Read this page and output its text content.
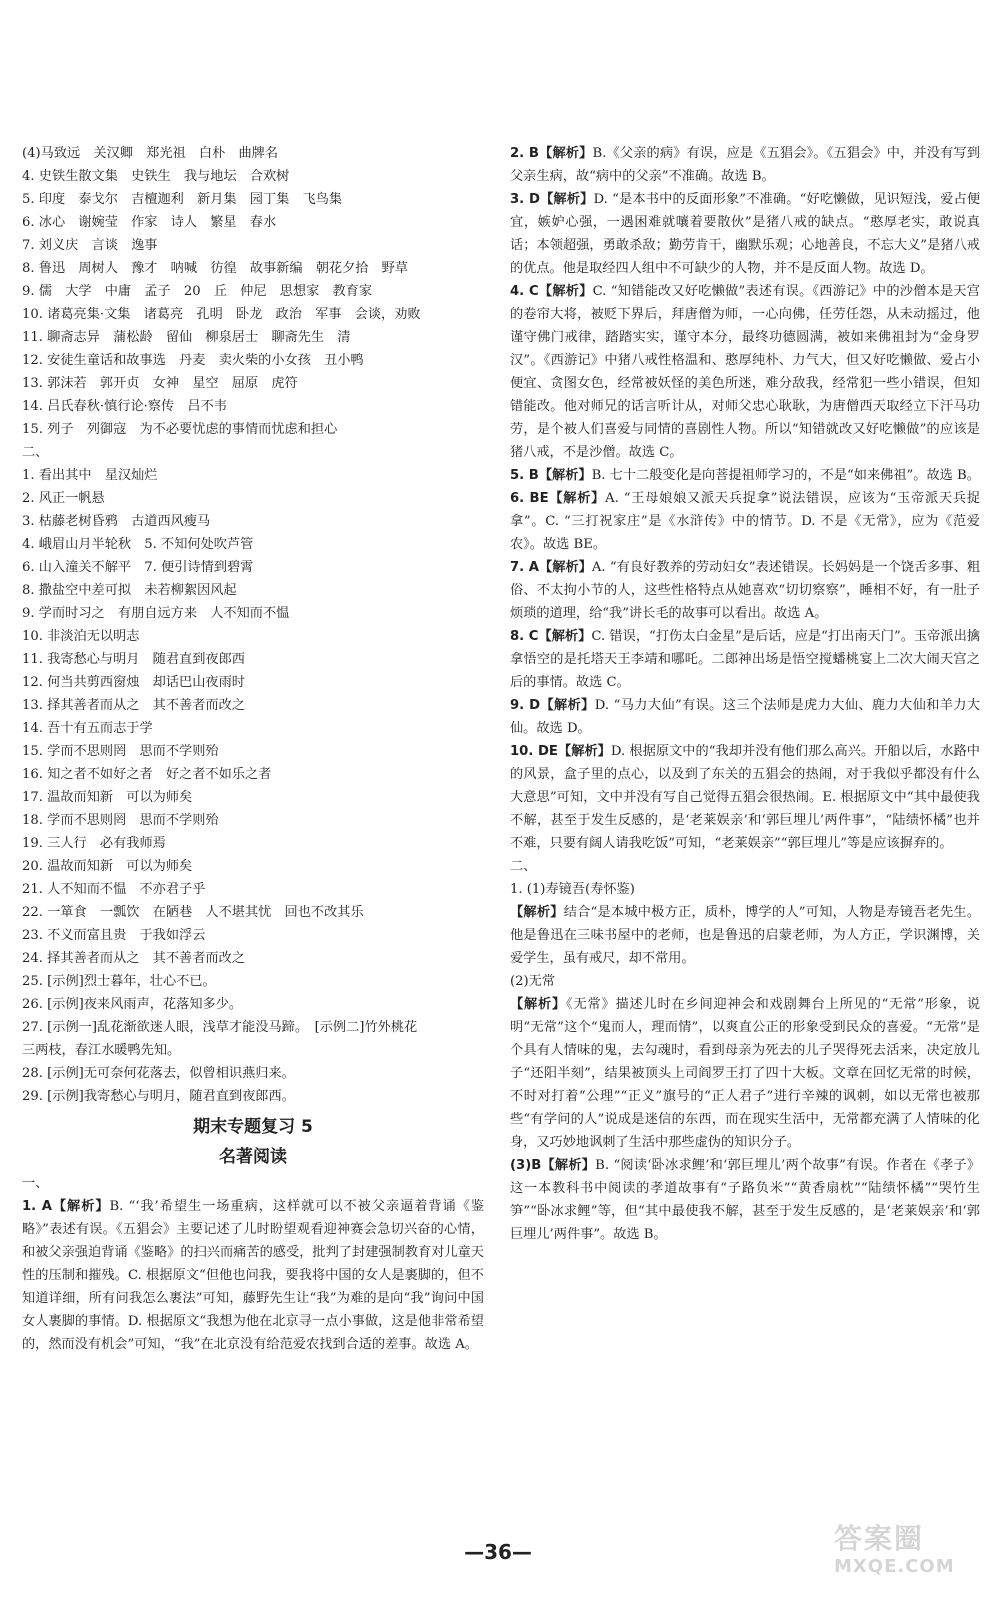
(4)马致远　关汉卿　郑光祖　白朴　曲牌名
4. 史铁生散文集　史铁生　我与地坛　合欢树
5. 印度　泰戈尔　吉檀迦利　新月集　园丁集　飞鸟集
6. 冰心　谢婉莹　作家　诗人　繁星　春水
7. 刘义庆　言谈　逸事
8. 鲁迅　周树人　豫才　呐喊　彷徨　故事新编　朝花夕拾　野草
9. 儒　大学　中庸　孟子　20　丘　仲尼　思想家　教育家
10. 诸葛亮集·文集　诸葛亮　孔明　卧龙　政治　军事　会谈，劝败
11. 聊斋志异　蒲松龄　留仙　柳泉居士　聊斋先生　清
12. 安徒生童话和故事选　丹麦　卖火柴的小女孩　丑小鸭
13. 郭沫若　郭开贞　女神　星空　屈原　虎符
14. 吕氏春秋·慎行论·察传　吕不韦
15. 列子　列御寇　为不必要忧虑的事情而忧虑和担心
二、
1. 看出其中　星汉灿烂
2. 风正一帆悬
3. 枯藤老树昏鸦　古道西风瘦马
4. 峨眉山月半轮秋　5. 不知何处吹芦管
6. 山入潼关不解平　7. 便引诗情到碧霄
8. 撒盐空中差可拟　未若柳絮因风起
9. 学而时习之　有朋自远方来　人不知而不愠
10. 非淡泊无以明志
11. 我寄愁心与明月　随君直到夜郎西
12. 何当共剪西窗烛　却话巴山夜雨时
13. 择其善者而从之　其不善者而改之
14. 吾十有五而志于学
15. 学而不思则罔　思而不学则殆
16. 知之者不如好之者　好之者不如乐之者
17. 温故而知新　可以为师矣
18. 学而不思则罔　思而不学则殆
19. 三人行　必有我师焉
20. 温故而知新　可以为师矣
21. 人不知而不愠　不亦君子乎
22. 一箪食　一瓢饮　在陋巷　人不堪其忧　回也不改其乐
23. 不义而富且贵　于我如浮云
24. 择其善者而从之　其不善者而改之
25. [示例]烈士暮年，壮心不已。
26. [示例]夜来风雨声，花落知多少。
27. [示例一]乱花渐欲迷人眼，浅草才能没马蹄。　[示例二]竹外桃花
三两枝，春江水暖鸭先知。
28. [示例]无可奈何花落去，似曾相识燕归来。
29. [示例]我寄愁心与明月，随君直到夜郎西。
期末专题复习 5
名著阅读
一、
1. A【解析】B. “‘我’希望生一场重病，这样就可以不被父亲逼着背诵《鉴略》”表述有误。《五猖会》主要记述了儿时盼望观看迎神赛会急切兴奋的心情，和被父亲强迫背诵《鉴略》的扫兴而痛苦的感受，批判了封建强制教育对儿童天性的压制和摧残。C. 根据原文“但他也问我，要我将中国的女人是裹脚的，但不知道详细，所有问我怎么裹法”可知，藤野先生让“我”为难的是向“我”询问中国女人裹脚的事情。D. 根据原文“我想为他在北京寻一点小事做，这是他非常希望的，然而没有机会”可知，“我”在北京没有给范爱农找到合适的差事。故选 A。
2. B【解析】B.《父亲的病》有误，应是《五猖会》。《五猖会》中，并没有写到父亲生病，故“病中的父亲”不准确。故选 B。
3. D【解析】D. “是本书中的反面形象”不准确。“好吃懒做，见识短浅，爱占便宜，嫉妒心强，一遇困难就嚷着要散伙”是猪八戒的缺点。“憨厚老实，敢说真话；本领超强，勇敢杀敌；勤劳肯干，幽默乐观；心地善良，不忘大义”是猪八戒的优点。他是取经四人组中不可缺少的人物，并不是反面人物。故选 D。
4. C【解析】C. “知错能改又好吃懒做”表述有误。《西游记》中的沙僧本是天宫的卷帘大将，被贬下界后，拜唐僧为师，一心向佛，任劳任怨，从未动摇过，他谨守佛门戒律，踏踏实实，谨守本分，最终功德圆满，被如来佛祖封为“金身罗汉”。《西游记》中猪八戒性格温和、憨厚纯朴、力气大，但又好吃懒做、爱占小便宜、贪图女色，经常被妖怪的美色所迷，难分敌我，经常犯一些小错误，但知错能改。他对师兄的话言听计从，对师父忠心耿耿，为唐僧西天取经立下汗马功劳，是个被人们喜爱与同情的喜剧性人物。所以“知错就改又好吃懒做”的应该是猪八戒，不是沙僧。故选 C。
5. B【解析】B. 七十二般变化是向菩提祖师学习的，不是“如来佛祖”。故选 B。
6. BE【解析】A. “王母娘娘又派天兵捉拿”说法错误，应该为“玉帝派天兵捉拿”。C. “三打祝家庄”是《水浒传》中的情节。D. 不是《无常》，应为《范爱农》。故选 BE。
7. A【解析】A. “有良好教养的劳动妇女”表述错误。长妈妈是一个饶舌多事、粗俗、不太拘小节的人，这些性格特点从她喜欢“切切察察”，睡相不好，有一肚子烦琐的道理，给“我”讲长毛的故事可以看出。故选 A。
8. C【解析】C. 错误，“打伤太白金星”是后话，应是“打出南天门”。玉帝派出擒拿悟空的是托塔天王李靖和哪吒。二郎神出场是悟空搅蟠桃宴上二次大闹天宫之后的事情。故选 C。
9. D【解析】D. “马力大仙”有误。这三个法师是虎力大仙、鹿力大仙和羊力大仙。故选 D。
10. DE【解析】D. 根据原文中的“我却并没有他们那么高兴。开船以后，水路中的风景，盒子里的点心，以及到了东关的五猖会的热闹，对于我似乎都没有什么大意思”可知，文中并没有写自己觉得五猖会很热闹。E. 根据原文中“其中最使我不解，甚至于发生反感的，是‘老莱娱亲’和‘郭巨埋儿’两件事”，“陆绩怀橘”也并不难，只要有阔人请我吃饭”可知，“老莱娱亲”“郭巨埋儿”等是应该摒弃的。
二、
1. (1)寿镜吾(寿怀鉴)
【解析】结合“是本城中极方正，质朴，博学的人”可知，人物是寿镜吾老先生。他是鲁迅在三味书屋中的老师，也是鲁迅的启蒙老师，为人方正，学识渊博，关爱学生，虽有戒尺，却不常用。
(2)无常
【解析】《无常》描述儿时在乡间迎神会和戏剧舞台上所见的“无常”形象，说明“无常”这个“鬼而人，理而情”，以爽直公正的形象受到民众的喜爱。“无常”是个具有人情味的鬼，去勾魂时，看到母亲为死去的儿子哭得死去活来，决定放儿子“还阳半刻”，结果被顶头上司阎罗王打了四十大板。文章在回忆无常的时候，不时对打着“公理”“正义”旗号的“正人君子”进行辛辣的讽刺，如以无常也被那些“有学问的人”说成是迷信的东西，而在现实生活中，无常都充满了人情味的化身，又巧妙地讽刺了生活中那些虚伪的知识分子。
(3)B【解析】B. “阅读‘卧冰求鲤’和‘郭巨埋儿’两个故事”有误。作者在《孝子》这一本教科书中阅读的孝道故事有“子路负米”“黄香扇枕”“陆绩怀橘”“哭竹生笋”“卧冰求鲤”等，但“其中最使我不解，甚至于发生反感的，是‘老莱娱亲’和‘郭巨埋儿’两件事”。故选 B。
—36—	答案圈
MXQE.COM
